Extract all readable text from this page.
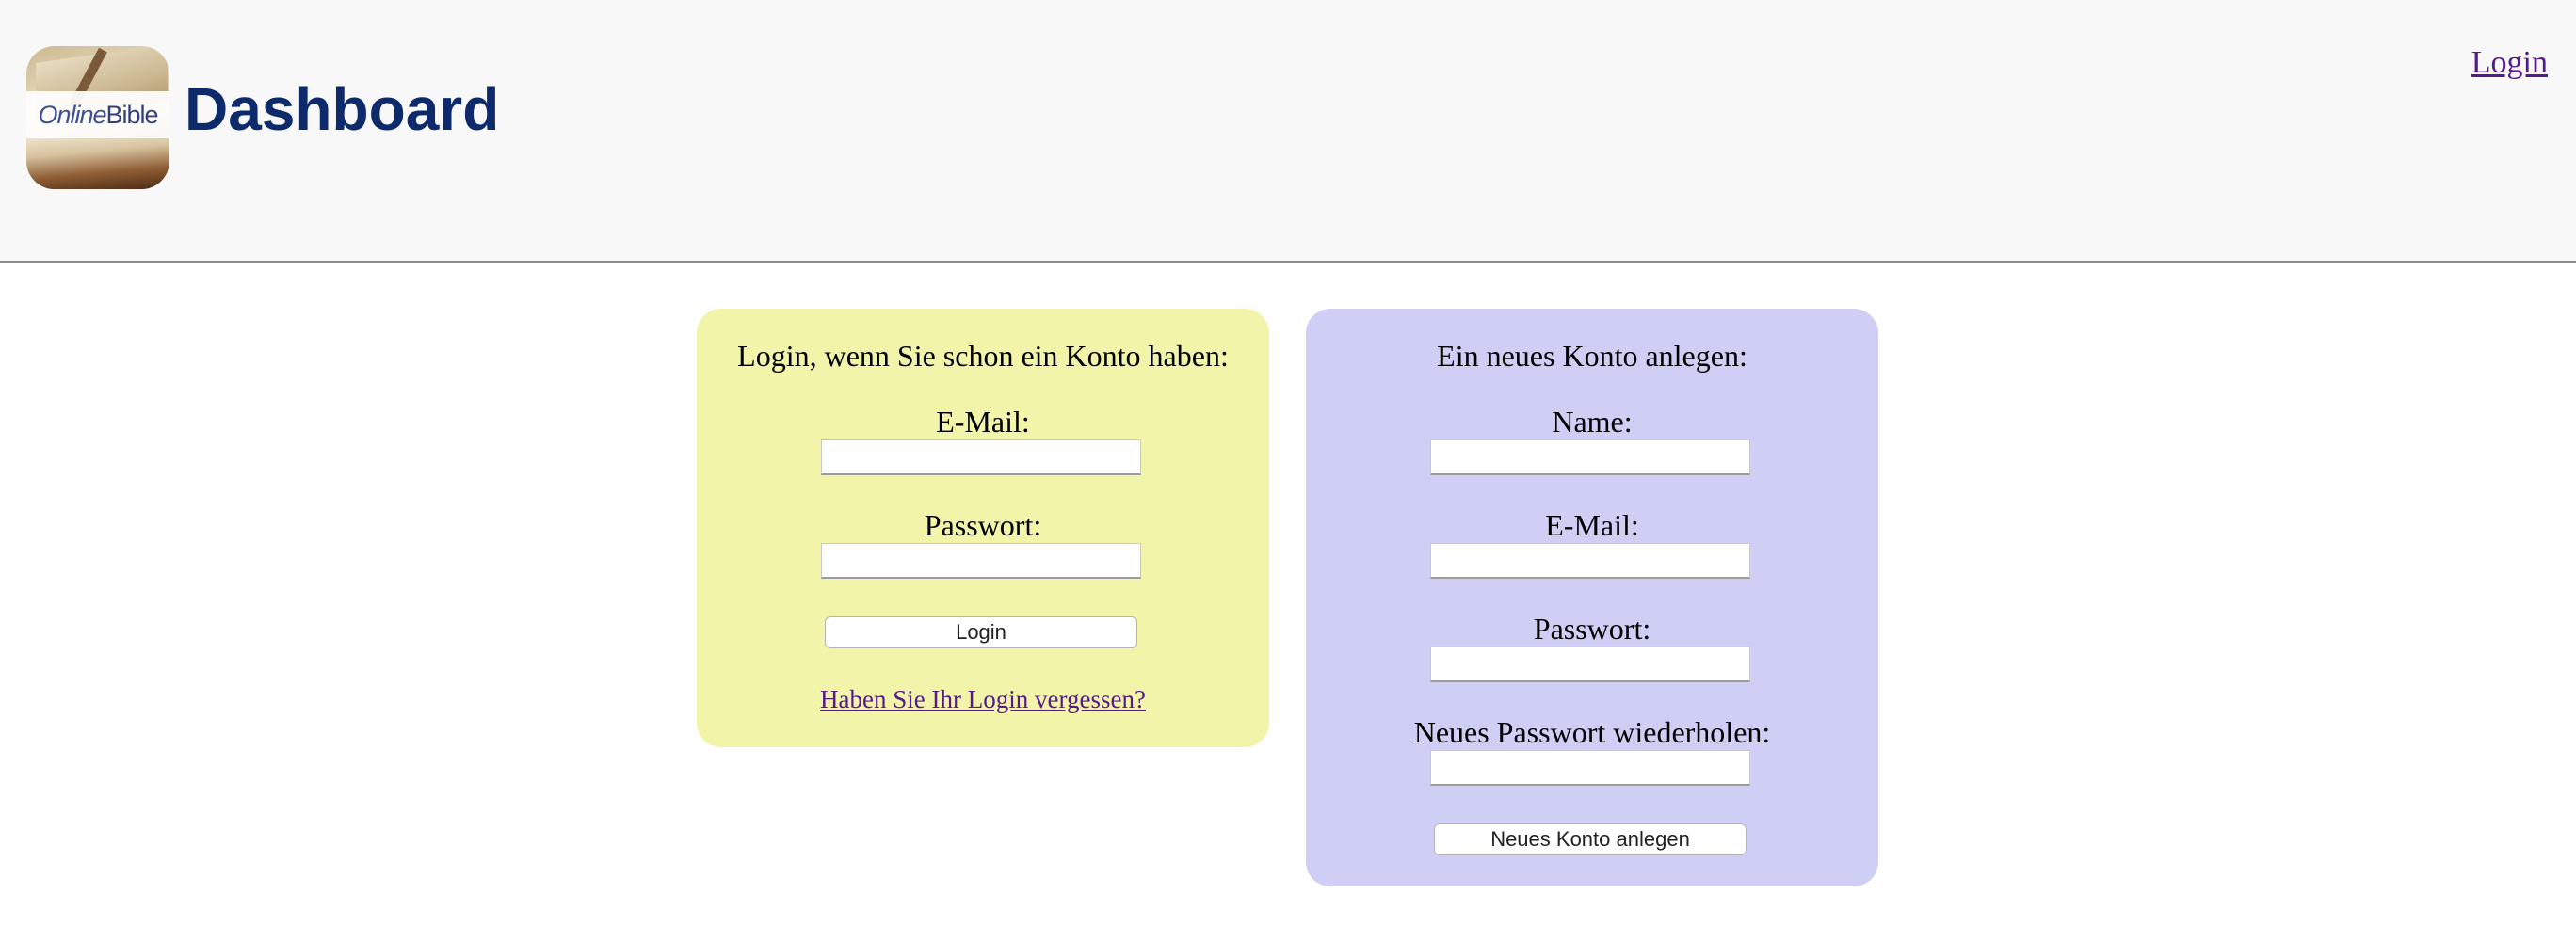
Online Bible Dashboard
Login
Login, wenn Sie schon ein Konto haben:
E-Mail:
Passwort:
Login
Haben Sie Ihr Login vergessen?
Ein neues Konto anlegen:
Name:
E-Mail:
Passwort:
Neues Passwort wiederholen:
Neues Konto anlegen
